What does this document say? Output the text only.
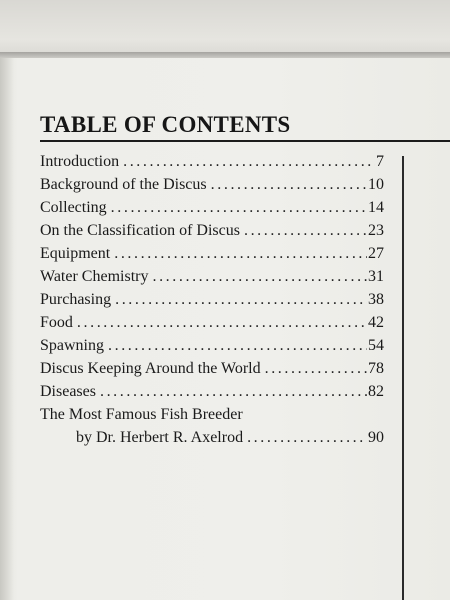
TABLE OF CONTENTS
Introduction .....	7
Background of the Discus .....	10
Collecting .....	14
On the Classification of Discus .....	23
Equipment .....	27
Water Chemistry .....	31
Purchasing .....	38
Food .....	42
Spawning .....	54
Discus Keeping Around the World .....	78
Diseases .....	82
The Most Famous Fish Breeder
by Dr. Herbert R. Axelrod .....	90
